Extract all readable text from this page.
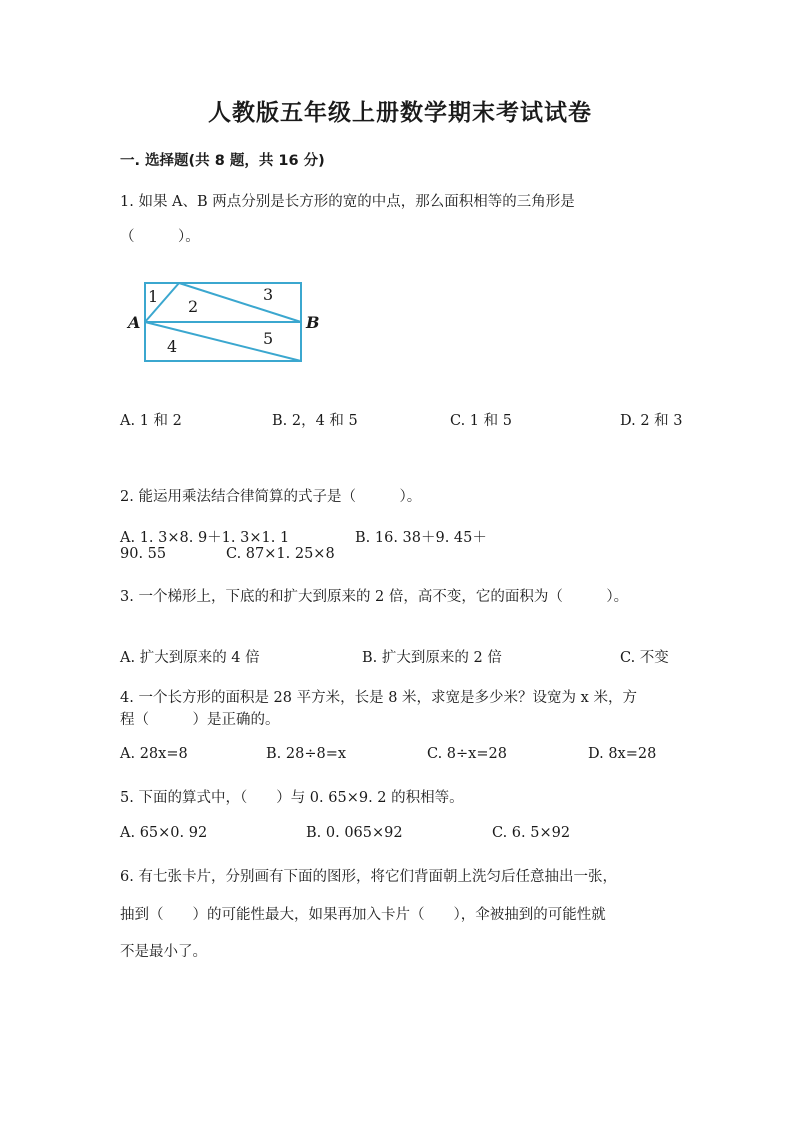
人教版五年级上册数学期末考试试卷
一. 选择题(共 8 题，共 16 分)
1. 如果 A、B 两点分别是长方形的宽的中点，那么面积相等的三角形是
（　　　）。
1
2
3
4	5
A	B
A. 1 和 2	B. 2，4 和 5	C. 1 和 5	D. 2 和 3
2. 能运用乘法结合律简算的式子是（　　　）。
A. 1. 3×8. 9＋1. 3×1. 1	B. 16. 38＋9. 45＋
90. 55	C. 87×1. 25×8
3. 一个梯形上，下底的和扩大到原来的 2 倍，高不变，它的面积为（　　　）。
A. 扩大到原来的 4 倍	B. 扩大到原来的 2 倍	C. 不变
4. 一个长方形的面积是 28 平方米，长是 8 米，求宽是多少米？设宽为 x 米，方
程（　　　）是正确的。
A. 28x=8	B. 28÷8=x	C. 8÷x=28	D. 8x=28
5. 下面的算式中，（　　）与 0. 65×9. 2 的积相等。
A. 65×0. 92	B. 0. 065×92	C. 6. 5×92
6. 有七张卡片，分别画有下面的图形，将它们背面朝上洗匀后任意抽出一张，
抽到（　　）的可能性最大，如果再加入卡片（　　），伞被抽到的可能性就
不是最小了。
